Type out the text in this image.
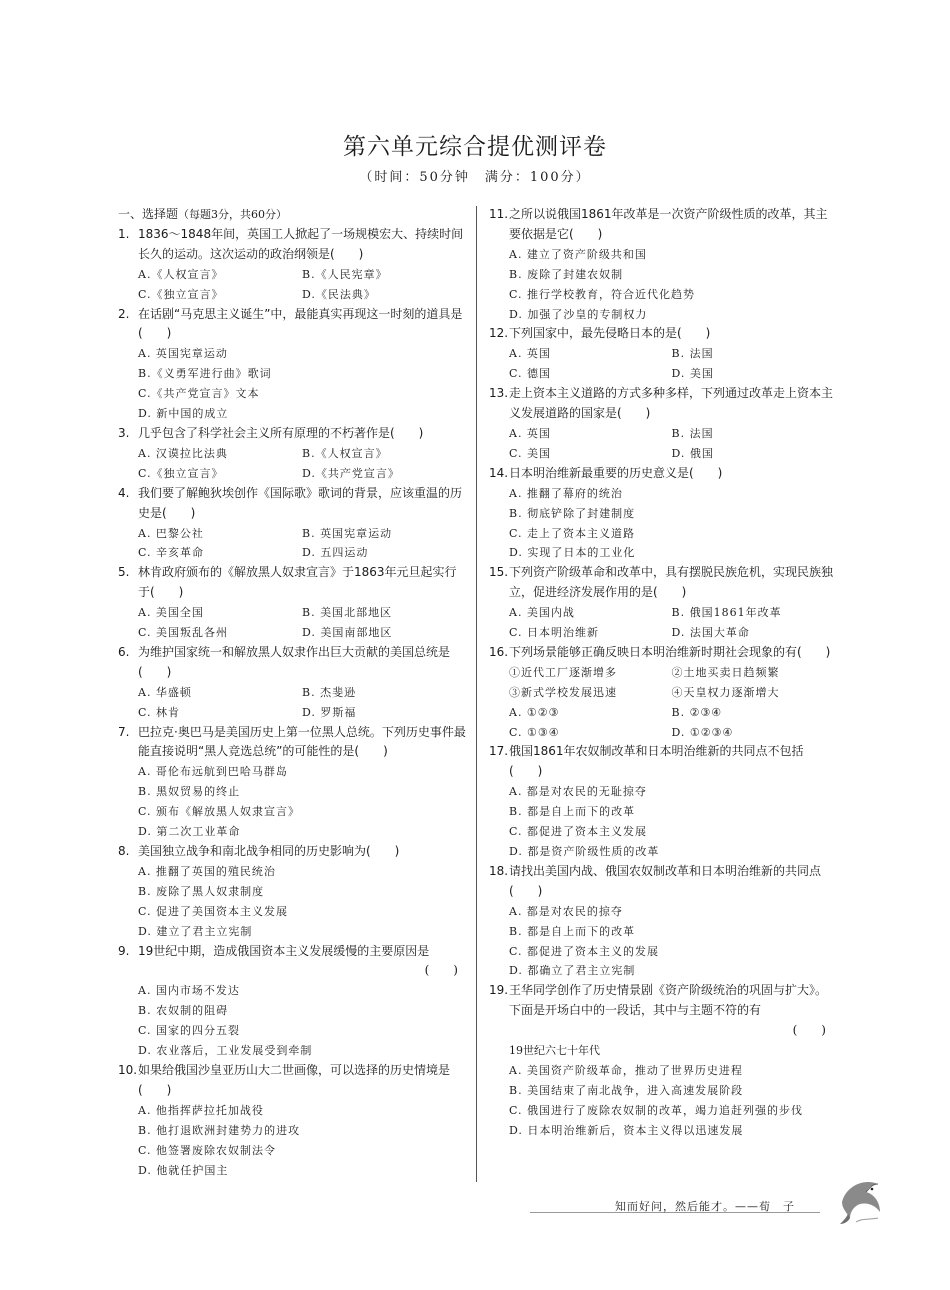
第六单元综合提优测评卷

（时间：50分钟　满分：100分）

一、选择题（每题3分，共60分）
1. 1836～1848年间，英国工人掀起了一场规模宏大、持续时间长久的运动。这次运动的政治纲领是(　　)
A.《人权宣言》	B.《人民宪章》
C.《独立宣言》	D.《民法典》
2. 在话剧“马克思主义诞生”中，最能真实再现这一时刻的道具是(　　)
A. 英国宪章运动
B.《义勇军进行曲》歌词
C.《共产党宣言》文本
D. 新中国的成立
3. 几乎包含了科学社会主义所有原理的不朽著作是(　　)
A. 汉谟拉比法典	B.《人权宣言》
C.《独立宣言》	D.《共产党宣言》
4. 我们要了解鲍狄埃创作《国际歌》歌词的背景，应该重温的历史是(　　)
A. 巴黎公社	B. 英国宪章运动
C. 辛亥革命	D. 五四运动
5. 林肯政府颁布的《解放黑人奴隶宣言》于1863年元旦起实行于(　　)
A. 美国全国	B. 美国北部地区
C. 美国叛乱各州	D. 美国南部地区
6. 为维护国家统一和解放黑人奴隶作出巨大贡献的美国总统是(　　)
A. 华盛顿	B. 杰斐逊
C. 林肯	D. 罗斯福
7. 巴拉克·奥巴马是美国历史上第一位黑人总统。下列历史事件最能直接说明“黑人竞选总统”的可能性的是(　　)
A. 哥伦布远航到巴哈马群岛
B. 黑奴贸易的终止
C. 颁布《解放黑人奴隶宣言》
D. 第二次工业革命
8. 美国独立战争和南北战争相同的历史影响为(　　)
A. 推翻了英国的殖民统治
B. 废除了黑人奴隶制度
C. 促进了美国资本主义发展
D. 建立了君主立宪制
9. 19世纪中期，造成俄国资本主义发展缓慢的主要原因是
(　　)
A. 国内市场不发达
B. 农奴制的阻碍
C. 国家的四分五裂
D. 农业落后，工业发展受到牵制
10.如果给俄国沙皇亚历山大二世画像，可以选择的历史情境是(　　)
A. 他指挥萨拉托加战役
B. 他打退欧洲封建势力的进攻
C. 他签署废除农奴制法令
D. 他就任护国主
11.之所以说俄国1861年改革是一次资产阶级性质的改革，其主要依据是它(　　)
A. 建立了资产阶级共和国
B. 废除了封建农奴制
C. 推行学校教育，符合近代化趋势
D. 加强了沙皇的专制权力
12.下列国家中，最先侵略日本的是(　　)
A. 英国	B. 法国
C. 德国	D. 美国
13.走上资本主义道路的方式多种多样，下列通过改革走上资本主义发展道路的国家是(　　)
A. 英国	B. 法国
C. 美国	D. 俄国
14.日本明治维新最重要的历史意义是(　　)
A. 推翻了幕府的统治
B. 彻底铲除了封建制度
C. 走上了资本主义道路
D. 实现了日本的工业化
15.下列资产阶级革命和改革中，具有摆脱民族危机，实现民族独立，促进经济发展作用的是(　　)
A. 美国内战	B. 俄国1861年改革
C. 日本明治维新	D. 法国大革命
16.下列场景能够正确反映日本明治维新时期社会现象的有(　　)
①近代工厂逐渐增多	②土地买卖日趋频繁
③新式学校发展迅速	④天皇权力逐渐增大
A. ①②③	B. ②③④
C. ①③④	D. ①②③④
17.俄国1861年农奴制改革和日本明治维新的共同点不包括(　　)
A. 都是对农民的无耻掠夺
B. 都是自上而下的改革
C. 都促进了资本主义发展
D. 都是资产阶级性质的改革
18.请找出美国内战、俄国农奴制改革和日本明治维新的共同点(　　)
A. 都是对农民的掠夺
B. 都是自上而下的改革
C. 都促进了资本主义的发展
D. 都确立了君主立宪制
19.王华同学创作了历史情景剧《资产阶级统治的巩固与扩大》。下面是开场白中的一段话，其中与主题不符的有
(　　)
19世纪六七十年代
A. 美国资产阶级革命，推动了世界历史进程
B. 美国结束了南北战争，进入高速发展阶段
C. 俄国进行了废除农奴制的改革，竭力追赶列强的步伐
D. 日本明治维新后，资本主义得以迅速发展
知而好问，然后能才。——荀　子
